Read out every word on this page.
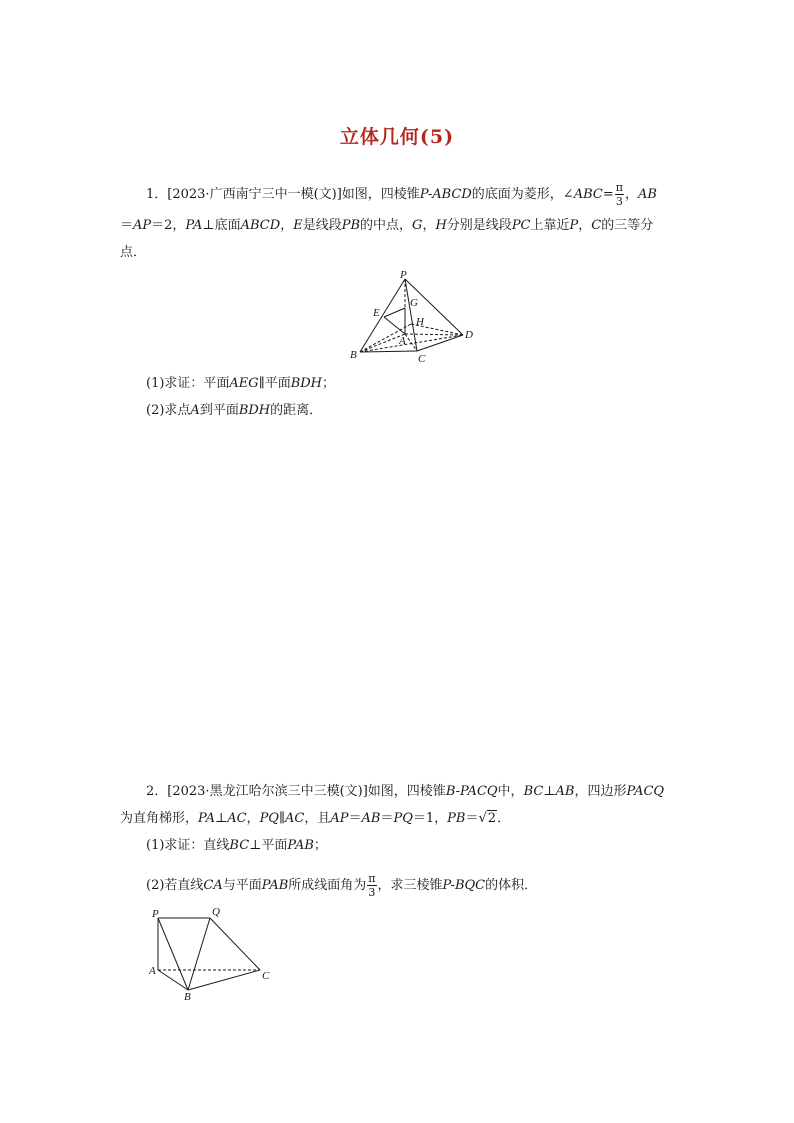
立体几何(5)
1．[2023·广西南宁三中一模(文)]如图，四棱锥P-ABCD的底面为菱形，∠ABC= $\frac{\pi}{3}$ ，AB
＝AP＝2，PA⊥底面ABCD，E是线段PB的中点，G，H分别是线段PC上靠近P，C的三等分
点．
P
E
G
H
A
B	C
D
(1)求证：平面AEG∥平面BDH；
(2)求点A到平面BDH的距离．
2．[2023·黑龙江哈尔滨三中三模(文)]如图，四棱锥B-PACQ中，BC⊥AB，四边形PACQ
为直角梯形，PA⊥AC，PQ∥AC，且AP＝AB＝PQ＝1，PB＝√2．
(1)求证：直线BC⊥平面PAB；
(2)若直线CA与平面PAB所成线面角为 $\frac{\pi}{3}$ ，求三棱锥P-BQC的体积．
P	Q
A
B
C
